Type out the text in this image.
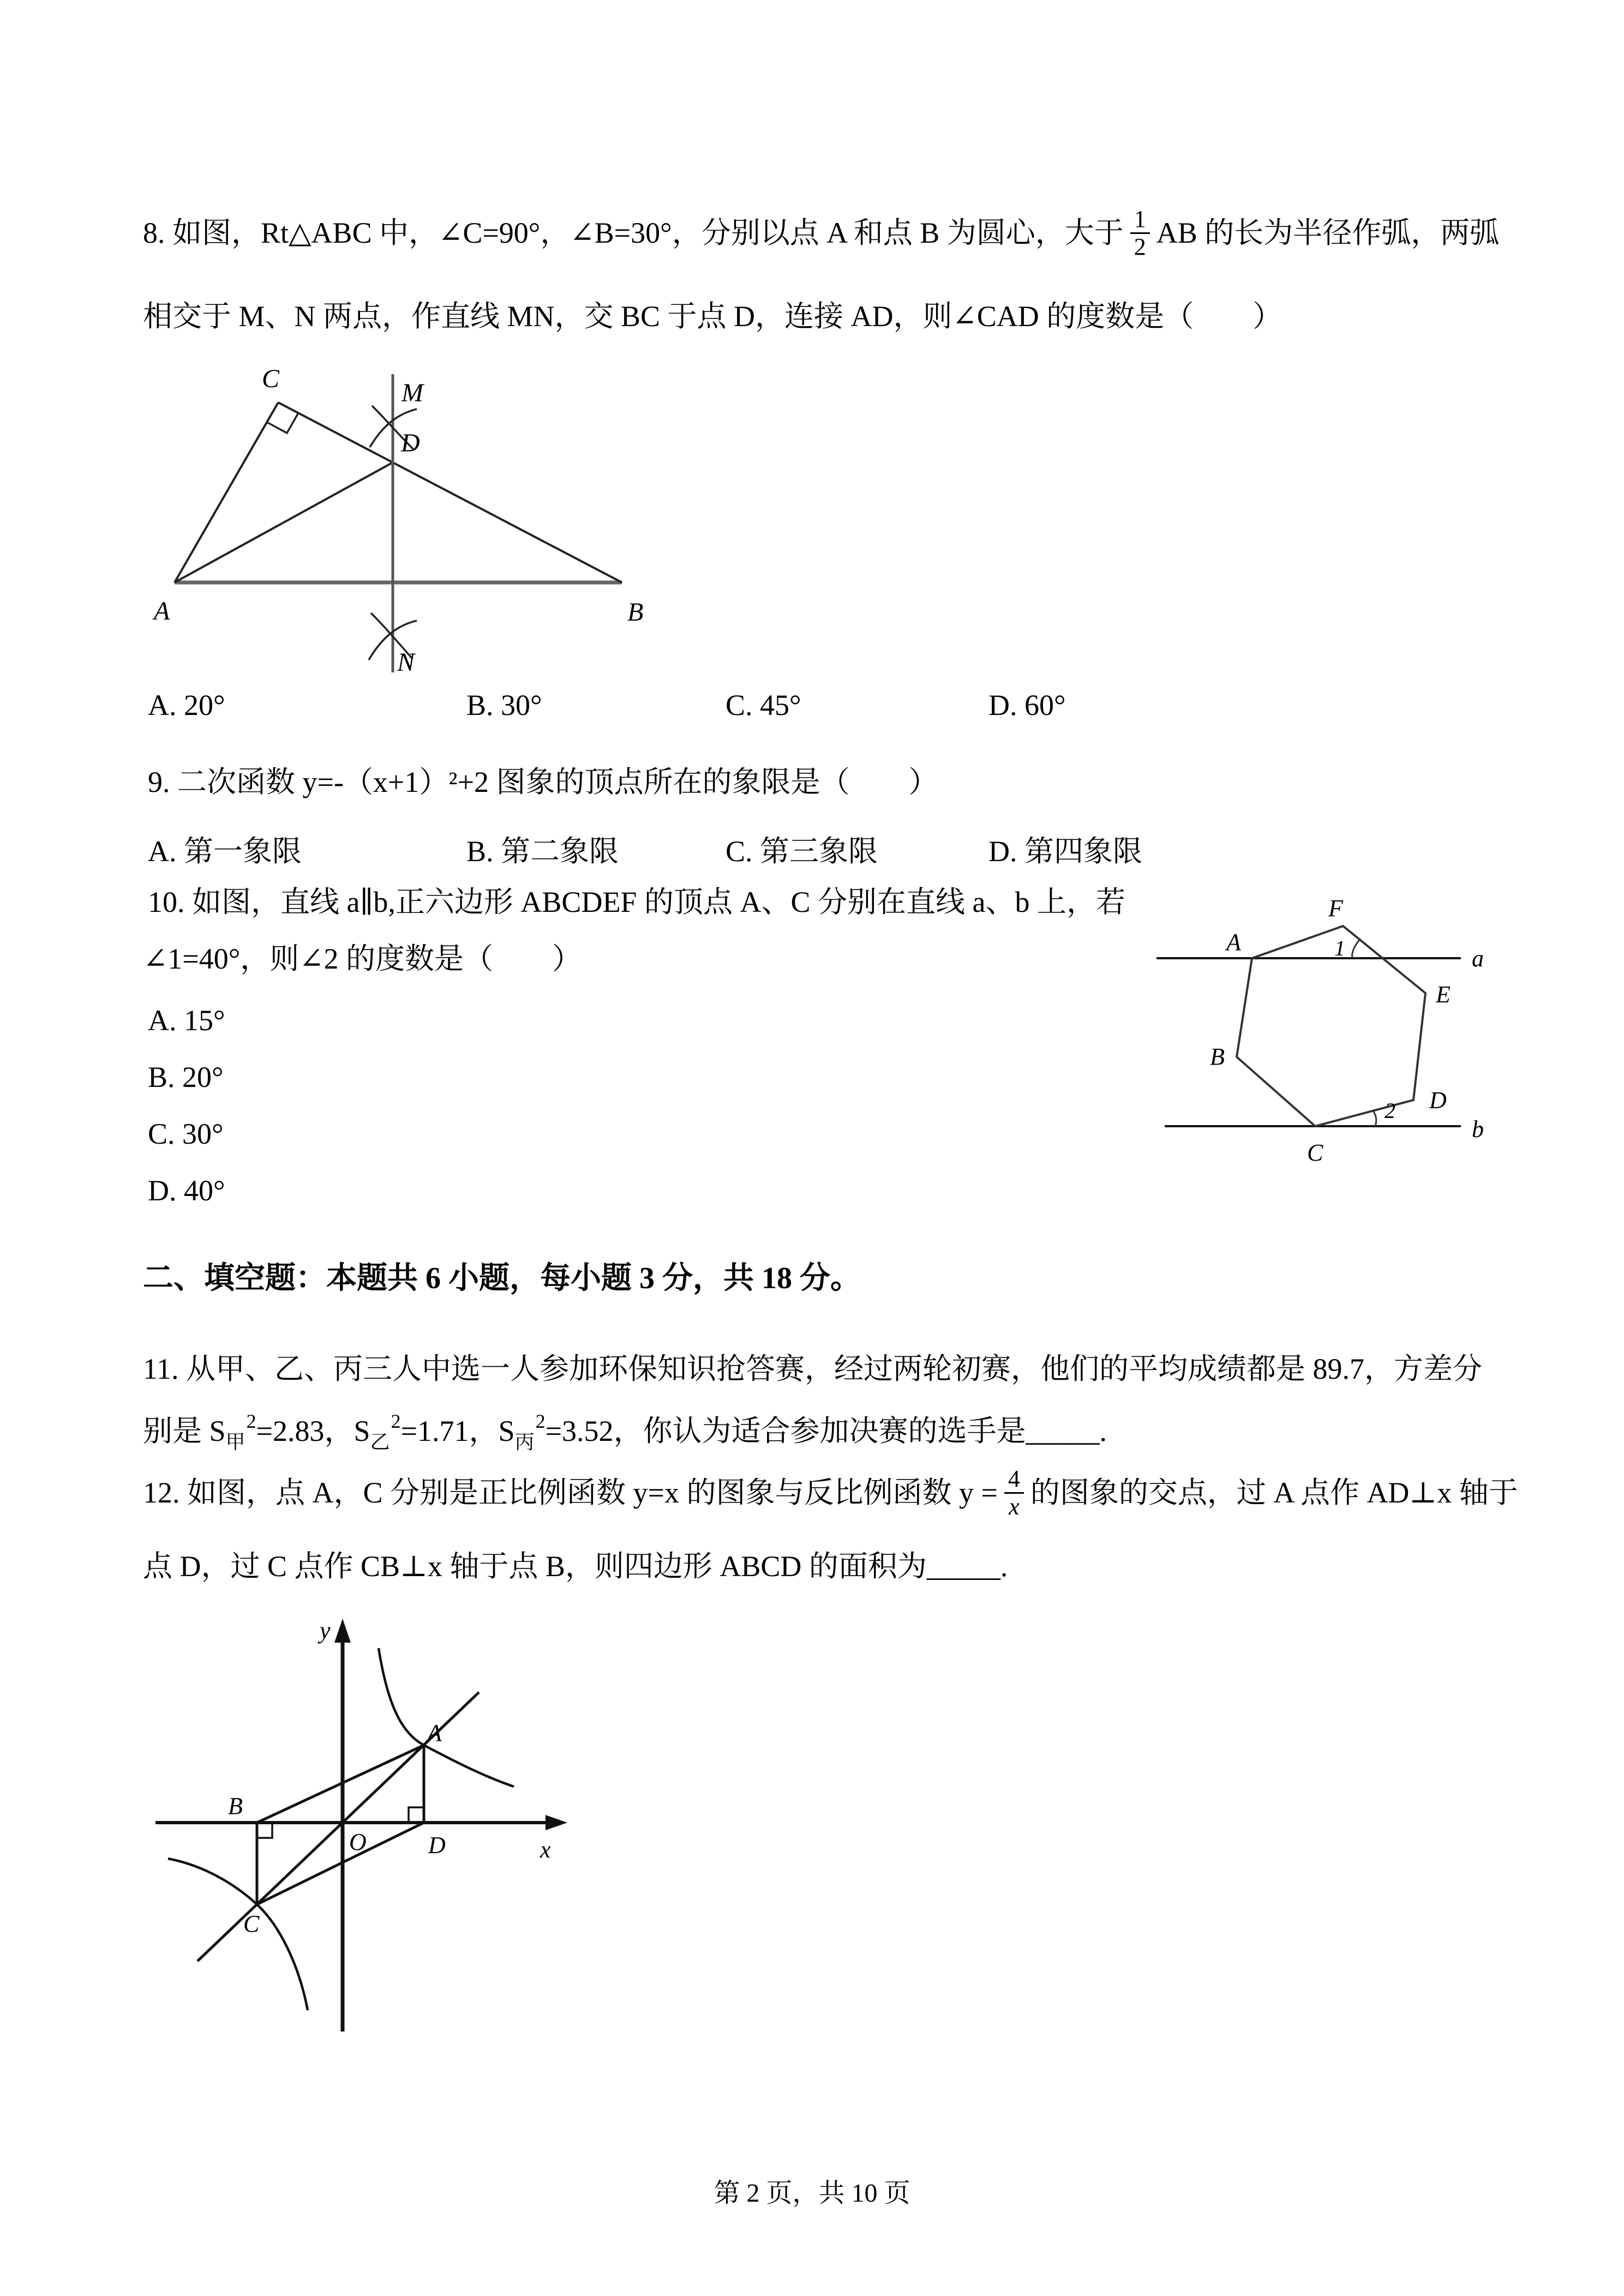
8. 如图，Rt△ABC 中，∠C=90°，∠B=30°，分别以点 A 和点 B 为圆心，大于 $\frac{1}{2}$ AB 的长为半径作弧，两弧
相交于 M、N 两点，作直线 MN，交 BC 于点 D，连接 AD，则∠CAD 的度数是（　　）
A	B
C
D
M
N
A. 20°	B. 30°	C. 45°	D. 60°
9. 二次函数 y=-（x+1）²+2 图象的顶点所在的象限是（　　）
A. 第一象限	B. 第二象限	C. 第三象限	D. 第四象限
10. 如图，直线 a∥b,正六边形 ABCDEF 的顶点 A、C 分别在直线 a、b 上，若
∠1=40°，则∠2 的度数是（　　）
A. 15°
B. 20°
C. 30°
D. 40°
A
F
E
B
D
C
a
b
1
2
二、填空题：本题共 6 小题，每小题 3 分，共 18 分。
11. 从甲、乙、丙三人中选一人参加环保知识抢答赛，经过两轮初赛，他们的平均成绩都是 89.7，方差分
别是 $S_甲^2=2.83$，$S_乙^2=1.71$，$S_丙^2=3.52$，你认为适合参加决赛的选手是_____.
12. 如图，点 A，C 分别是正比例函数 y=x 的图象与反比例函数 $y = \frac{4}{x}$ 的图象的交点，过 A 点作 AD⊥x 轴于
点 D，过 C 点作 CB⊥x 轴于点 B，则四边形 ABCD 的面积为_____.
y
x
O
A
B
C
D
第 2 页，共 10 页
